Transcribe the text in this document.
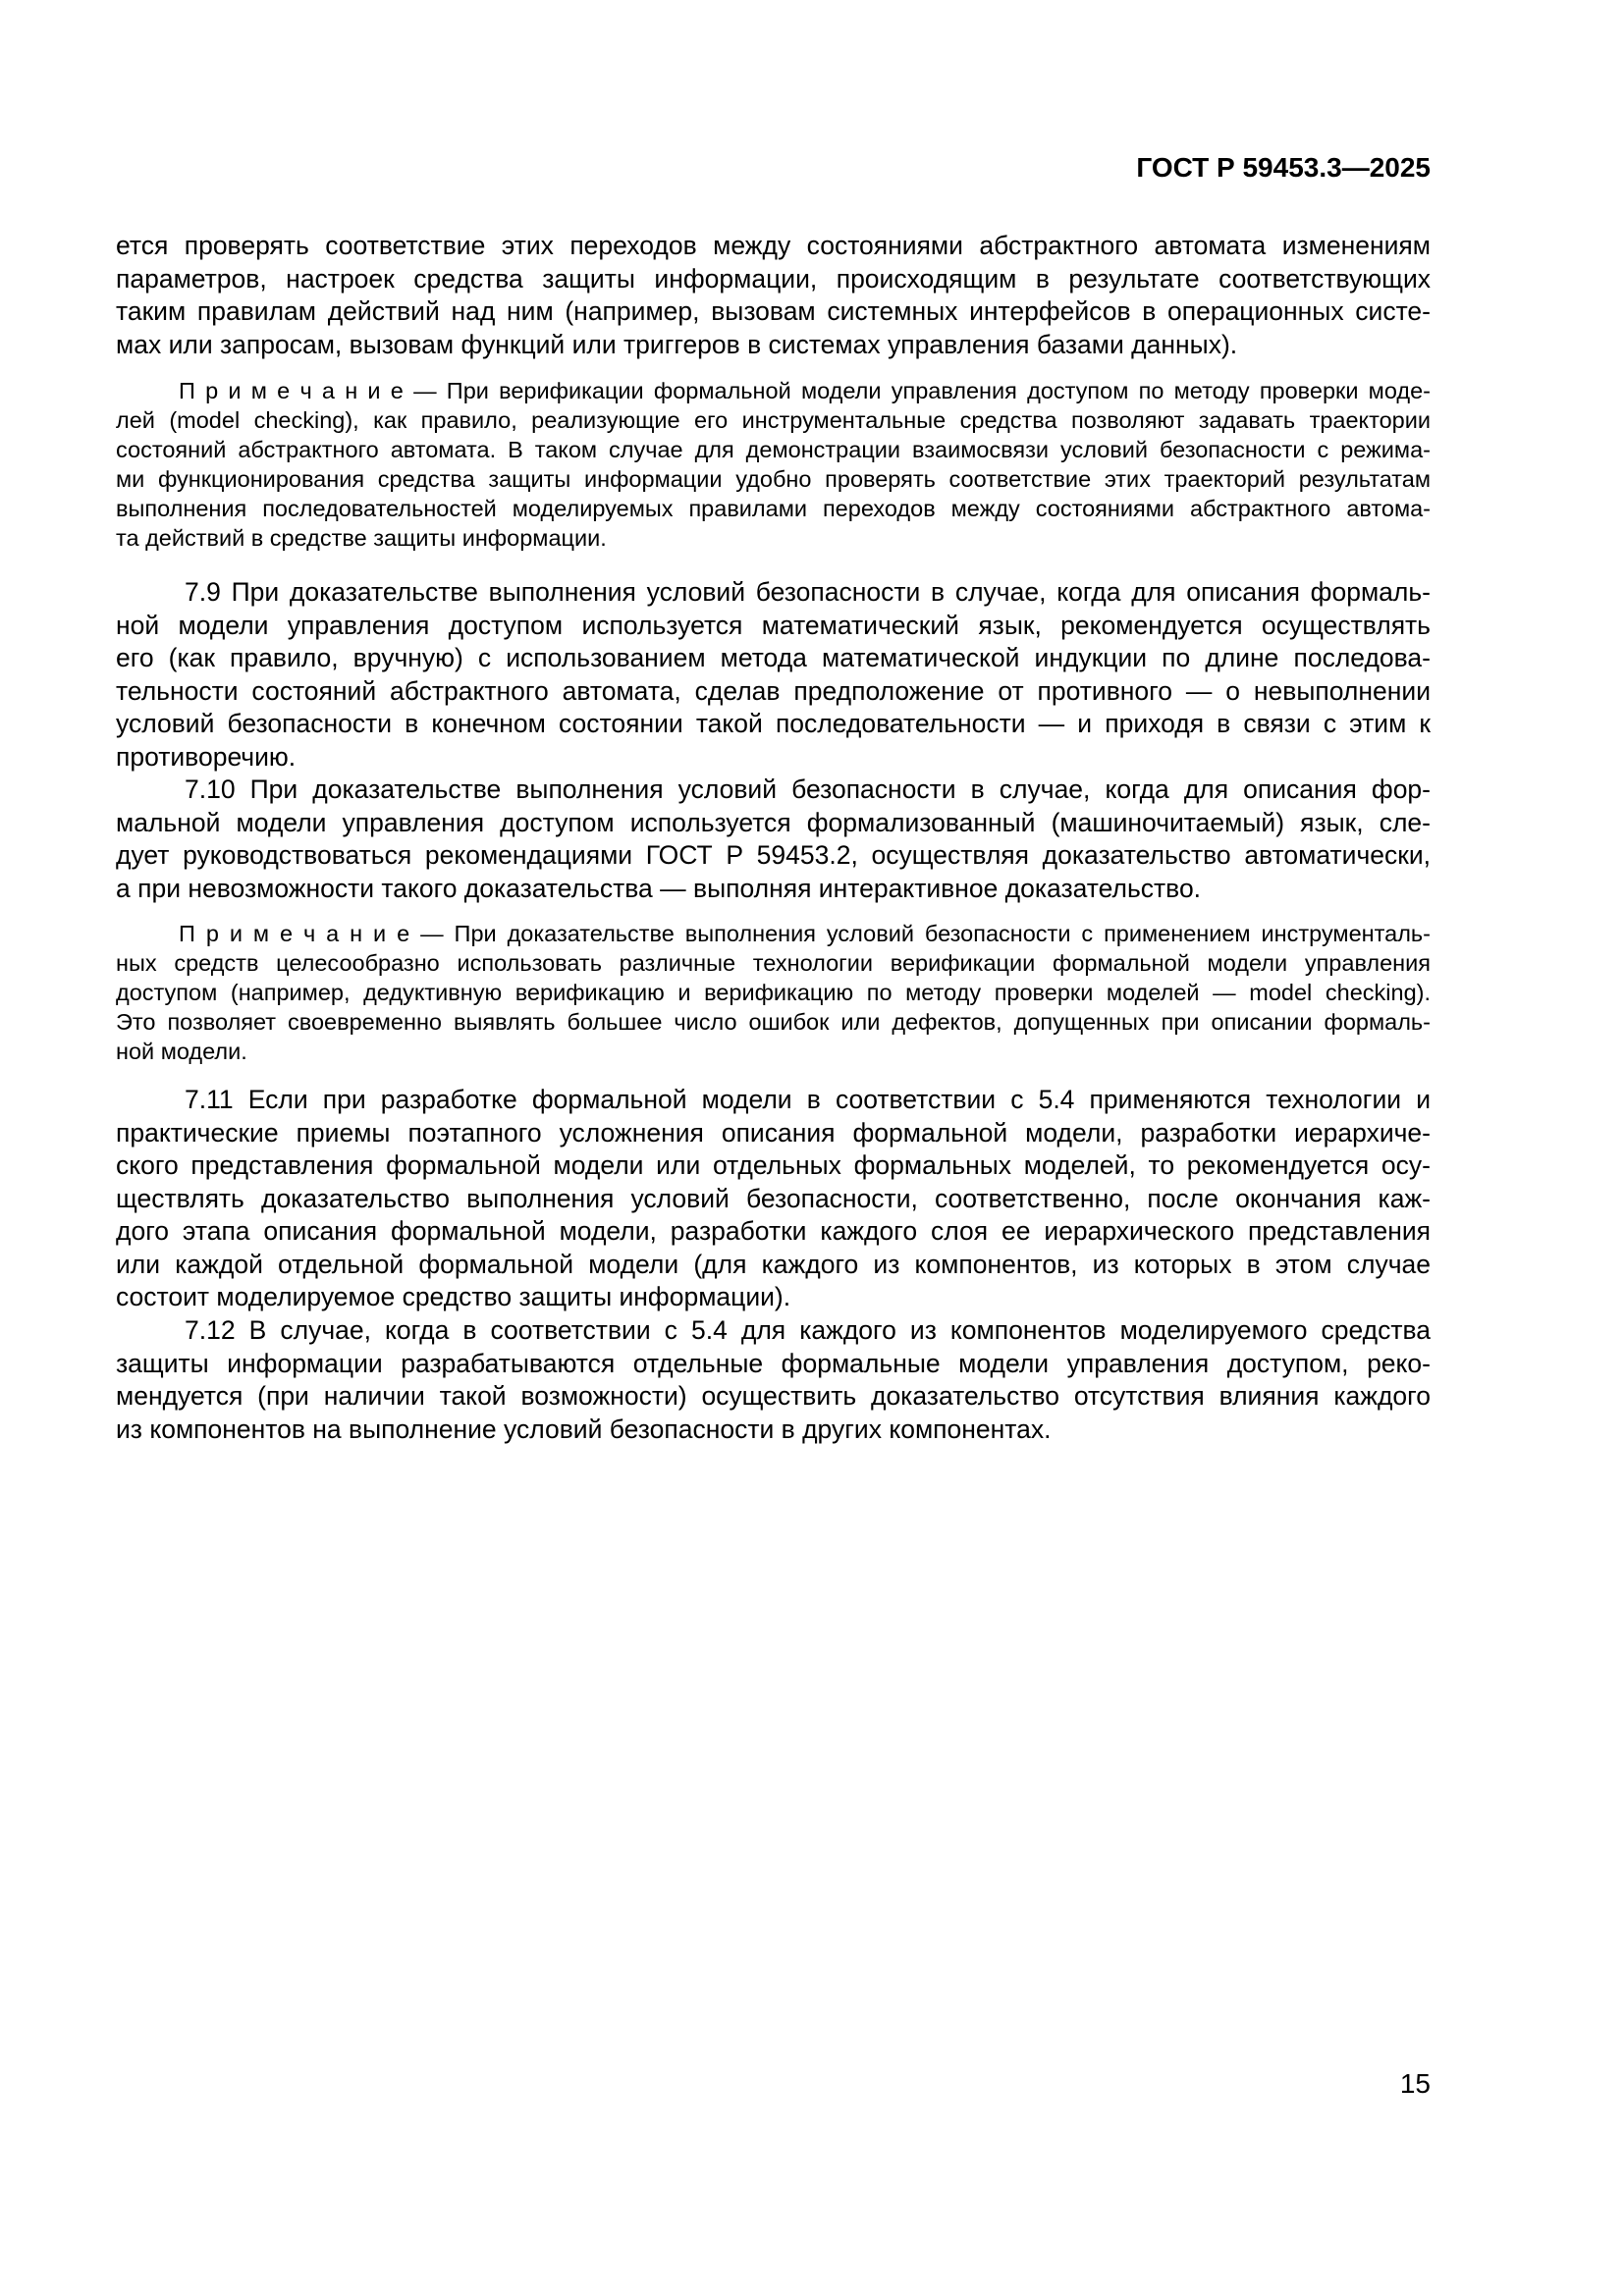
ГОСТ Р 59453.3—2025
ется проверять соответствие этих переходов между состояниями абстрактного автомата изменениям
параметров, настроек средства защиты информации, происходящим в результате соответствующих
таким правилам действий над ним (например, вызовам системных интерфейсов в операционных систе-
мах или запросам, вызовам функций или триггеров в системах управления базами данных).
П р и м е ч а н и е — При верификации формальной модели управления доступом по методу проверки моде-
лей (model checking), как правило, реализующие его инструментальные средства позволяют задавать траектории
состояний абстрактного автомата. В таком случае для демонстрации взаимосвязи условий безопасности с режима-
ми функционирования средства защиты информации удобно проверять соответствие этих траекторий результатам
выполнения последовательностей моделируемых правилами переходов между состояниями абстрактного автома-
та действий в средстве защиты информации.
7.9 При доказательстве выполнения условий безопасности в случае, когда для описания формаль-
ной модели управления доступом используется математический язык, рекомендуется осуществлять
его (как правило, вручную) с использованием метода математической индукции по длине последова-
тельности состояний абстрактного автомата, сделав предположение от противного — о невыполнении
условий безопасности в конечном состоянии такой последовательности — и приходя в связи с этим к
противоречию.
7.10 При доказательстве выполнения условий безопасности в случае, когда для описания фор-
мальной модели управления доступом используется формализованный (машиночитаемый) язык, сле-
дует руководствоваться рекомендациями ГОСТ Р 59453.2, осуществляя доказательство автоматически,
а при невозможности такого доказательства — выполняя интерактивное доказательство.
П р и м е ч а н и е — При доказательстве выполнения условий безопасности с применением инструменталь-
ных средств целесообразно использовать различные технологии верификации формальной модели управления
доступом (например, дедуктивную верификацию и верификацию по методу проверки моделей — model checking).
Это позволяет своевременно выявлять большее число ошибок или дефектов, допущенных при описании формаль-
ной модели.
7.11 Если при разработке формальной модели в соответствии с 5.4 применяются технологии и
практические приемы поэтапного усложнения описания формальной модели, разработки иерархиче-
ского представления формальной модели или отдельных формальных моделей, то рекомендуется осу-
ществлять доказательство выполнения условий безопасности, соответственно, после окончания каж-
дого этапа описания формальной модели, разработки каждого слоя ее иерархического представления
или каждой отдельной формальной модели (для каждого из компонентов, из которых в этом случае
состоит моделируемое средство защиты информации).
7.12 В случае, когда в соответствии с 5.4 для каждого из компонентов моделируемого средства
защиты информации разрабатываются отдельные формальные модели управления доступом, реко-
мендуется (при наличии такой возможности) осуществить доказательство отсутствия влияния каждого
из компонентов на выполнение условий безопасности в других компонентах.
15
